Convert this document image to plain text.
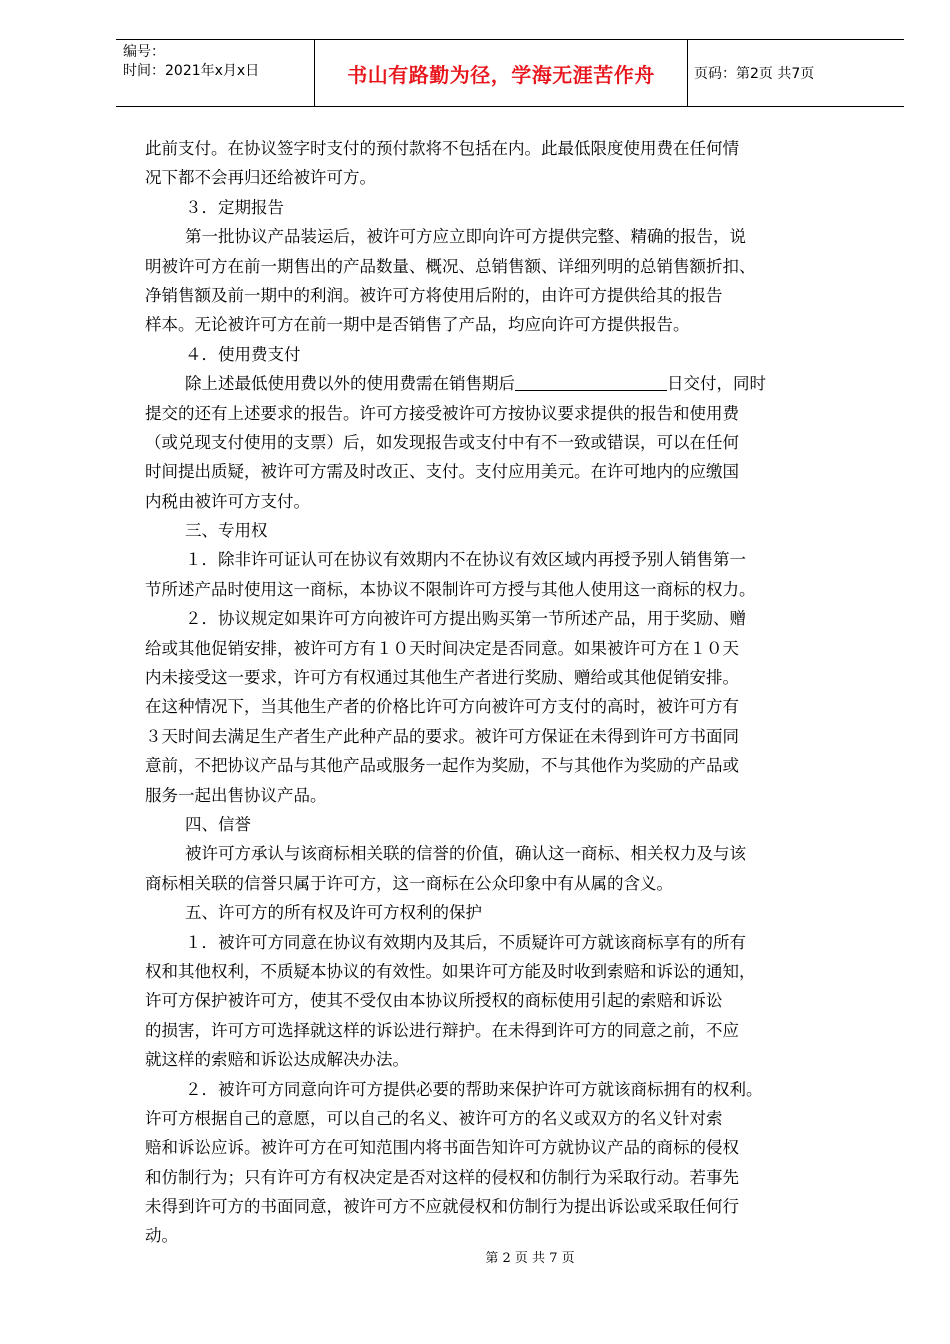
编号：
时间：2021年x月x日	书山有路勤为径，学海无涯苦作舟	页码：第2页 共7页
此前支付。在协议签字时支付的预付款将不包括在内。此最低限度使用费在任何情
况下都不会再归还给被许可方。
３．定期报告
第一批协议产品装运后，被许可方应立即向许可方提供完整、精确的报告，说
明被许可方在前一期售出的产品数量、概况、总销售额、详细列明的总销售额折扣、
净销售额及前一期中的利润。被许可方将使用后附的，由许可方提供给其的报告
样本。无论被许可方在前一期中是否销售了产品，均应向许可方提供报告。
４．使用费支付
除上述最低使用费以外的使用费需在销售期后	日交付，同时
提交的还有上述要求的报告。许可方接受被许可方按协议要求提供的报告和使用费
（或兑现支付使用的支票）后，如发现报告或支付中有不一致或错误，可以在任何
时间提出质疑，被许可方需及时改正、支付。支付应用美元。在许可地内的应缴国
内税由被许可方支付。
三、专用权
１．除非许可证认可在协议有效期内不在协议有效区域内再授予别人销售第一
节所述产品时使用这一商标，本协议不限制许可方授与其他人使用这一商标的权力。
２．协议规定如果许可方向被许可方提出购买第一节所述产品，用于奖励、赠
给或其他促销安排，被许可方有１０天时间决定是否同意。如果被许可方在１０天
内未接受这一要求，许可方有权通过其他生产者进行奖励、赠给或其他促销安排。
在这种情况下，当其他生产者的价格比许可方向被许可方支付的高时，被许可方有
３天时间去满足生产者生产此种产品的要求。被许可方保证在未得到许可方书面同
意前，不把协议产品与其他产品或服务一起作为奖励，不与其他作为奖励的产品或
服务一起出售协议产品。
四、信誉
被许可方承认与该商标相关联的信誉的价值，确认这一商标、相关权力及与该
商标相关联的信誉只属于许可方，这一商标在公众印象中有从属的含义。
五、许可方的所有权及许可方权利的保护
１．被许可方同意在协议有效期内及其后，不质疑许可方就该商标享有的所有
权和其他权利，不质疑本协议的有效性。如果许可方能及时收到索赔和诉讼的通知，
许可方保护被许可方，使其不受仅由本协议所授权的商标使用引起的索赔和诉讼
的损害，许可方可选择就这样的诉讼进行辩护。在未得到许可方的同意之前，不应
就这样的索赔和诉讼达成解决办法。
２．被许可方同意向许可方提供必要的帮助来保护许可方就该商标拥有的权利。
许可方根据自己的意愿，可以自己的名义、被许可方的名义或双方的名义针对索
赔和诉讼应诉。被许可方在可知范围内将书面告知许可方就协议产品的商标的侵权
和仿制行为；只有许可方有权决定是否对这样的侵权和仿制行为采取行动。若事先
未得到许可方的书面同意，被许可方不应就侵权和仿制行为提出诉讼或采取任何行
动。
第 2 页 共 7 页
